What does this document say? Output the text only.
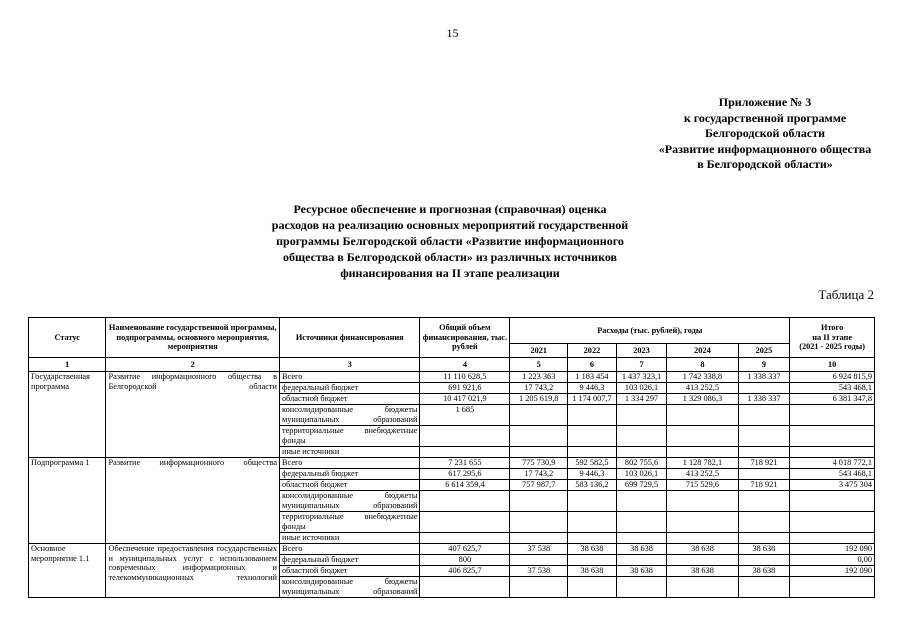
15
Приложение № 3
к государственной программе
Белгородской области
«Развитие информационного общества
в Белгородской области»
Ресурсное обеспечение и прогнозная (справочная) оценка
расходов на реализацию основных мероприятий государственной
программы Белгородской области «Развитие информационного
общества в Белгородской области» из различных источников
финансирования на II этапе реализации
Таблица 2
Статус	Наименование государственной программы, подпрограммы, основного мероприятия, мероприятия	Источники финансирования	Общий объем финансирования, тыс. рублей	Расходы (тыс. рублей), годы					Итого
на II этапе
(2021 - 2025 годы)

				2021	2022	2023	2024	2025	
1	2	3	4	5	6	7	8	9	10
Государственная программа	Развитие информационного общества в Белгородской области	Всего	11 110 628,5	1 223 363	1 183 454	1 437 323,1	1 742 338,8	1 338 337	6 924 815,9
		федеральный бюджет	691 921,6	17 743,2	9 446,3	103 026,1	413 252,5		543 468,1
		областной бюджет	10 417 021,9	1 205 619,8	1 174 007,7	1 334 297	1 329 086,3	1 338 337	6 381 347,8
		консолидированные бюджеты муниципальных образований	1 685						
		территориальные внебюджетные фонды							
		иные источники							
Подпрограмма 1	Развитие информационного общества	Всего	7 231 655	775 730,9	592 582,5	802 755,6	1 128 782,1	718 921	4 018 772,1
		федеральный бюджет	617 295,6	17 743,2	9 446,3	103 026,1	413 252,5		543 468,1
		областной бюджет	6 614 359,4	757 987,7	583 136,2	699 729,5	715 529,6	718 921	3 475 304
		консолидированные бюджеты муниципальных образований							
		территориальные внебюджетные фонды							
		иные источники							
Основное мероприятие 1.1	Обеспечение предоставления государственных и муниципальных услуг с использованием современных информационных и телекоммуникационных технологий	Всего	407 625,7	37 538	38 638	38 638	38 638	38 638	192 090
		федеральный бюджет	800						0,00
		областной бюджет	406 825,7	37 538	38 638	38 638	38 638	38 638	192 090
		консолидированные бюджеты муниципальных образований							
